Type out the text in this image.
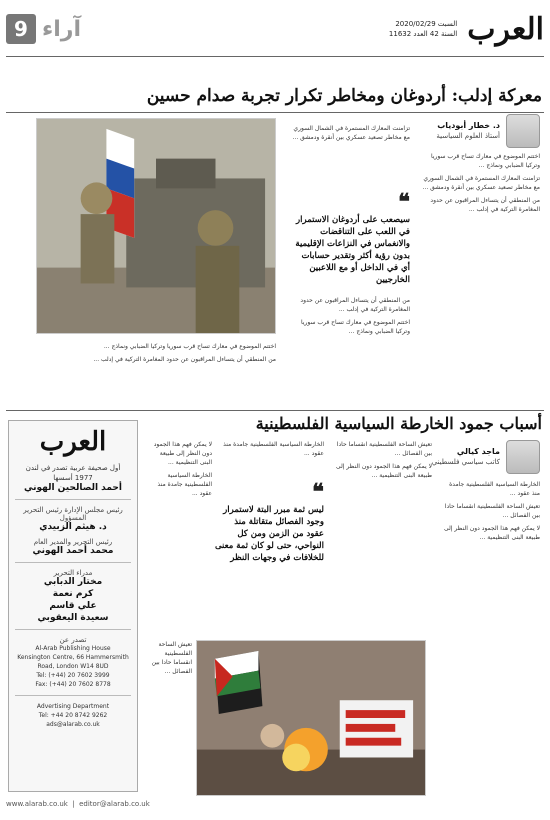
9 آراء	العرب
السبت 2020/02/29
السنة 42 العدد 11632
معركة إدلب: أردوغان ومخاطر تكرار تجربة صدام حسين
د. خطار أبودياب
أستاذ العلوم السياسية

اختتم الموضوع في معارك تساح قرب سوريا وتركيا الضبابي ونماذج ...

تزامنت المعارك المستمرة في الشمال السوري مع مخاطر تصعيد عسكري بين أنقرة ودمشق ...

من المنطقي أن يتساءل المراقبون عن حدود المغامرة التركية في إدلب ...

❝
سيصعب على أردوغان الاستمرار في اللعب على التناقضات والانغماس في النزاعات الإقليمية بدون رؤية أكثر وتقدير حسابات أي في الداخل أو مع اللاعبين الخارجيين

تزامنت المعارك المستمرة في الشمال السوري مع مخاطر تصعيد عسكري بين أنقرة ودمشق ...

من المنطقي أن يتساءل المراقبون عن حدود المغامرة التركية في إدلب ...

اختتم الموضوع في معارك تساح قرب سوريا وتركيا الضبابي ونماذج ...

اختتم الموضوع في معارك تساح قرب سوريا وتركيا الضبابي ونماذج ...

من المنطقي أن يتساءل المراقبون عن حدود المغامرة التركية في إدلب ...

أسباب جمود الخارطة السياسية الفلسطينية
ماجد كيالي
كاتب سياسي فلسطيني

الخارطة السياسية الفلسطينية جامدة منذ عقود ...

تعيش الساحة الفلسطينية انقساما حادا بين الفصائل ...

لا يمكن فهم هذا الجمود دون النظر إلى طبيعة البنى التنظيمية ...

تعيش الساحة الفلسطينية انقساما حادا بين الفصائل ...

لا يمكن فهم هذا الجمود دون النظر إلى طبيعة البنى التنظيمية ...

❝
ليس ثمة مبرر البتة لاستمرار وجود الفصائل متقاتلة منذ عقود من الزمن ومن كل النواحي، حتى لو كان ثمة معنى للخلافات في وجهات النظر

الخارطة السياسية الفلسطينية جامدة منذ عقود ...

لا يمكن فهم هذا الجمود دون النظر إلى طبيعة البنى التنظيمية ...

الخارطة السياسية الفلسطينية جامدة منذ عقود ...

تعيش الساحة الفلسطينية انقساما حادا بين الفصائل ...

العرب
أول صحيفة عربية تصدر في لندن
1977 أسسها
أحمد الصالحين الهوني
رئيس مجلس الإدارة رئيس التحرير المسؤول
د. هيثم الزبيدي
رئيس التحرير والمدير العام
محمد أحمد الهوني
مدراء التحرير
مختار الدبابي
كرم نعمة
علي قاسم
سعيدة اليعقوبي
تصدر عن
Al-Arab Publishing House
Kensington Centre, 66 Hammersmith Road, London W14 8UD
Tel: (+44) 20 7602 3999
Fax: (+44) 20 7602 8778
Advertising Department
Tel: +44 20 8742 9262
ads@alarab.co.uk
www.alarab.co.uk  |  editor@alarab.co.uk
